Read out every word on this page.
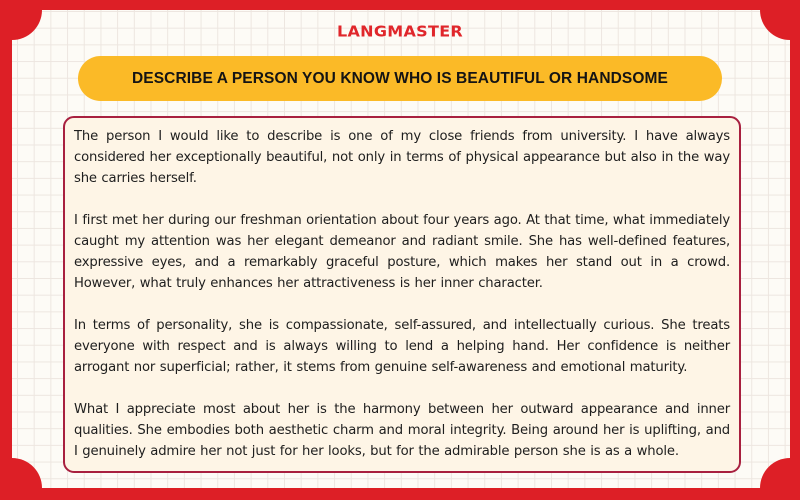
LANGMASTER
DESCRIBE A PERSON YOU KNOW WHO IS BEAUTIFUL OR HANDSOME

The person I would like to describe is one of my close friends from university. I have always considered her exceptionally beautiful, not only in terms of physical appearance but also in the way she carries herself.

I first met her during our freshman orientation about four years ago. At that time, what immediately caught my attention was her elegant demeanor and radiant smile. She has well-defined features, expressive eyes, and a remarkably graceful posture, which makes her stand out in a crowd. However, what truly enhances her attractiveness is her inner character.

In terms of personality, she is compassionate, self-assured, and intellectually curious. She treats everyone with respect and is always willing to lend a helping hand. Her confidence is neither arrogant nor superficial; rather, it stems from genuine self-awareness and emotional maturity.

What I appreciate most about her is the harmony between her outward appearance and inner qualities. She embodies both aesthetic charm and moral integrity. Being around her is uplifting, and I genuinely admire her not just for her looks, but for the admirable person she is as a whole.
